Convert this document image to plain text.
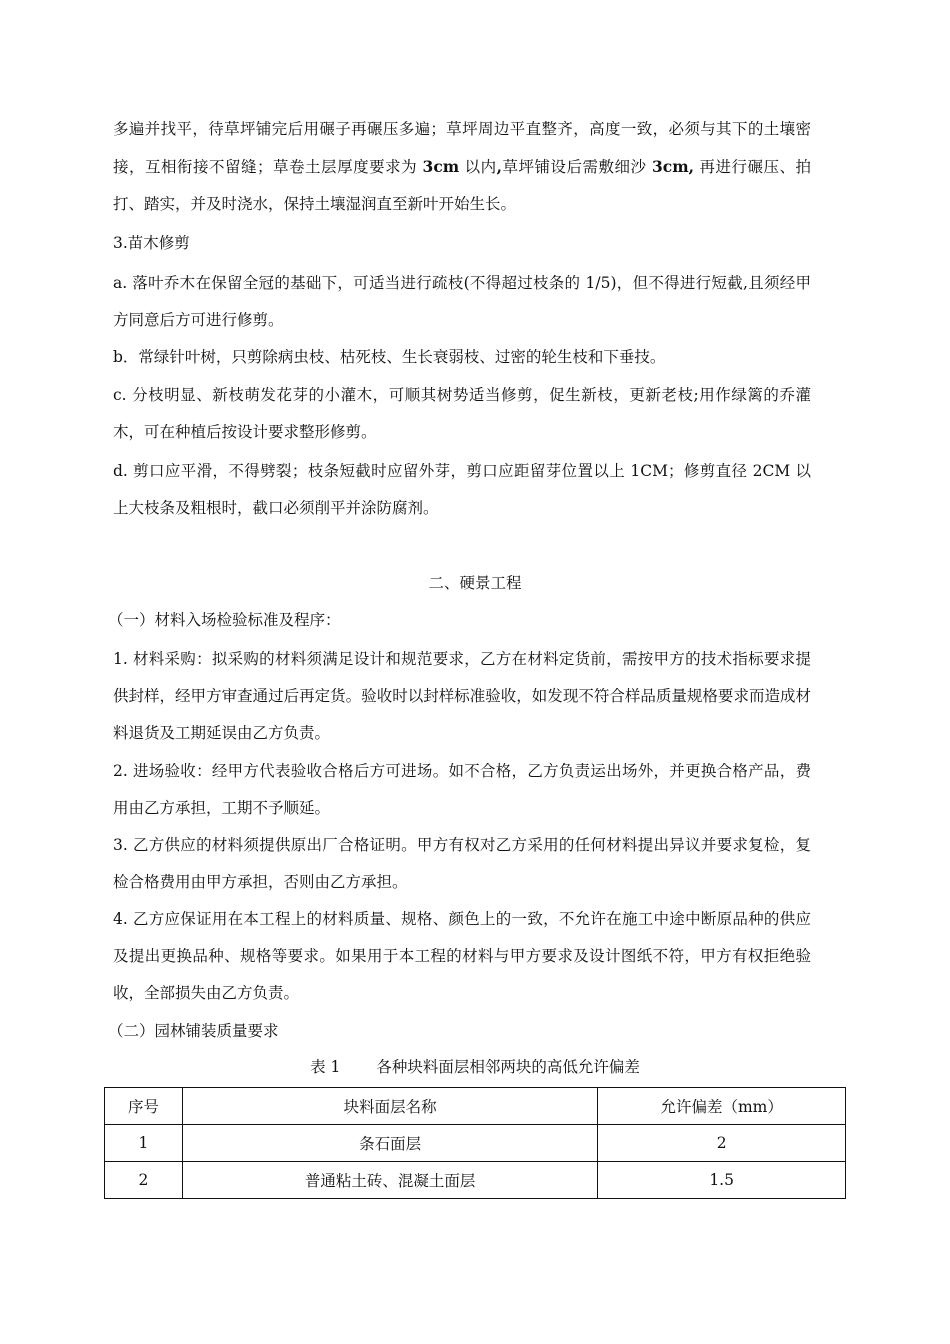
多遍并找平，待草坪铺完后用碾子再碾压多遍；草坪周边平直整齐，高度一致，必须与其下的土壤密接，互相衔接不留缝；草卷土层厚度要求为 3cm 以内,草坪铺设后需敷细沙 3cm, 再进行碾压、拍打、踏实，并及时浇水，保持土壤湿润直至新叶开始生长。

3.苗木修剪

a. 落叶乔木在保留全冠的基础下，可适当进行疏枝(不得超过枝条的 1/5)，但不得进行短截,且须经甲方同意后方可进行修剪。

b．常绿针叶树，只剪除病虫枝、枯死枝、生长衰弱枝、过密的轮生枝和下垂技。

c. 分枝明显、新枝萌发花芽的小灌木，可顺其树势适当修剪，促生新枝，更新老枝;用作绿篱的乔灌木，可在种植后按设计要求整形修剪。

d. 剪口应平滑，不得劈裂；枝条短截时应留外芽，剪口应距留芽位置以上 1CM；修剪直径 2CM 以上大枝条及粗根时，截口必须削平并涂防腐剂。

二、硬景工程

（一）材料入场检验标准及程序：

1. 材料采购：拟采购的材料须满足设计和规范要求，乙方在材料定货前，需按甲方的技术指标要求提供封样，经甲方审查通过后再定货。验收时以封样标准验收，如发现不符合样品质量规格要求而造成材料退货及工期延误由乙方负责。

2. 进场验收：经甲方代表验收合格后方可进场。如不合格，乙方负责运出场外，并更换合格产品，费用由乙方承担，工期不予顺延。

3. 乙方供应的材料须提供原出厂合格证明。甲方有权对乙方采用的任何材料提出异议并要求复检，复检合格费用由甲方承担，否则由乙方承担。

4. 乙方应保证用在本工程上的材料质量、规格、颜色上的一致，不允许在施工中途中断原品种的供应及提出更换品种、规格等要求。如果用于本工程的材料与甲方要求及设计图纸不符，甲方有权拒绝验收，全部损失由乙方负责。

（二）园林铺装质量要求

表 1 各种块料面层相邻两块的高低允许偏差

序号	块料面层名称	允许偏差（mm）
1	条石面层	2
2	普通粘土砖、混凝土面层	1.5
